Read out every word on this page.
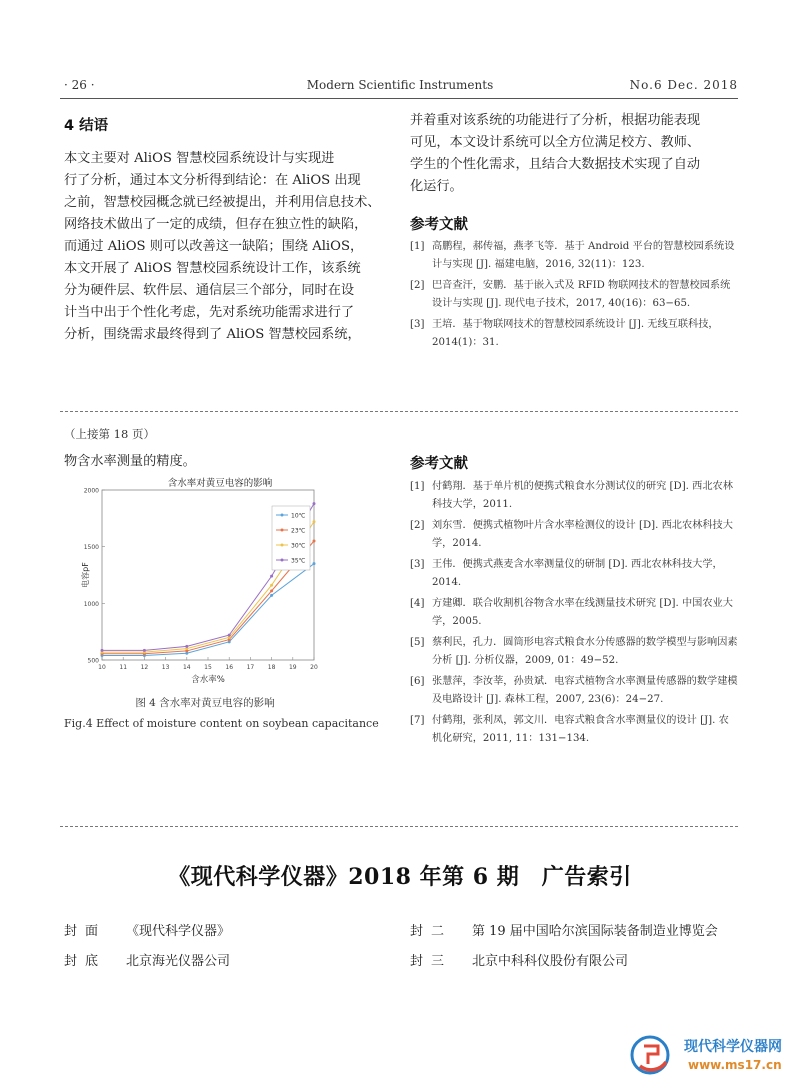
· 26 ·	Modern Scientific Instruments	No.6 Dec. 2018
4 结语
本文主要对 AliOS 智慧校园系统设计与实现进
行了分析，通过本文分析得到结论：在 AliOS 出现
之前，智慧校园概念就已经被提出，并利用信息技术、
网络技术做出了一定的成绩，但存在独立性的缺陷，
而通过 AliOS 则可以改善这一缺陷；围绕 AliOS，
本文开展了 AliOS 智慧校园系统设计工作，该系统
分为硬件层、软件层、通信层三个部分，同时在设
计当中出于个性化考虑，先对系统功能需求进行了
分析，围绕需求最终得到了 AliOS 智慧校园系统，
并着重对该系统的功能进行了分析，根据功能表现
可见，本文设计系统可以全方位满足校方、教师、
学生的个性化需求，且结合大数据技术实现了自动
化运行。
参考文献
[1] 高鹏程，郝传福，燕孝飞等．基于 Android 平台的智慧校园系统设计与实现 [J]. 福建电脑，2016, 32(11)：123.
[2] 巴音查汗，安鹏．基于嵌入式及 RFID 物联网技术的智慧校园系统设计与实现 [J]. 现代电子技术，2017, 40(16)：63−65.
[3] 王培．基于物联网技术的智慧校园系统设计 [J]. 无线互联科技，2014(1)：31.
（上接第 18 页）
物含水率测量的精度。
含水率对黄豆电容的影响
500
1000
1500
2000
10 11 12 13 14 15 16 17 18 19 20
10℃
23℃
30℃
35℃
电容pF
含水率%
图 4 含水率对黄豆电容的影响
Fig.4 Effect of moisture content on soybean capacitance
参考文献
[1] 付鹤翔．基于单片机的便携式粮食水分测试仪的研究 [D]. 西北农林科技大学，2011.
[2] 刘东雪．便携式植物叶片含水率检测仪的设计 [D]. 西北农林科技大学，2014.
[3] 王伟．便携式燕麦含水率测量仪的研制 [D]. 西北农林科技大学，2014.
[4] 方建卿．联合收割机谷物含水率在线测量技术研究 [D]. 中国农业大学，2005.
[5] 蔡利民，孔力．圆筒形电容式粮食水分传感器的数学模型与影响因素分析 [J]. 分析仪器，2009, 01：49−52.
[6] 张慧萍，李汝莘，孙贵斌．电容式植物含水率测量传感器的数学建模及电路设计 [J]. 森林工程，2007, 23(6)：24−27.
[7] 付鹤翔，张利凤，郭文川．电容式粮食含水率测量仪的设计 [J]. 农机化研究，2011, 11：131−134.
《现代科学仪器》2018 年第 6 期　广告索引
封面 《现代科学仪器》	封二 第 19 届中国哈尔滨国际装备制造业博览会
封底 北京海光仪器公司	封三 北京中科科仪股份有限公司
现代科学仪器网
www.ms17.cn
